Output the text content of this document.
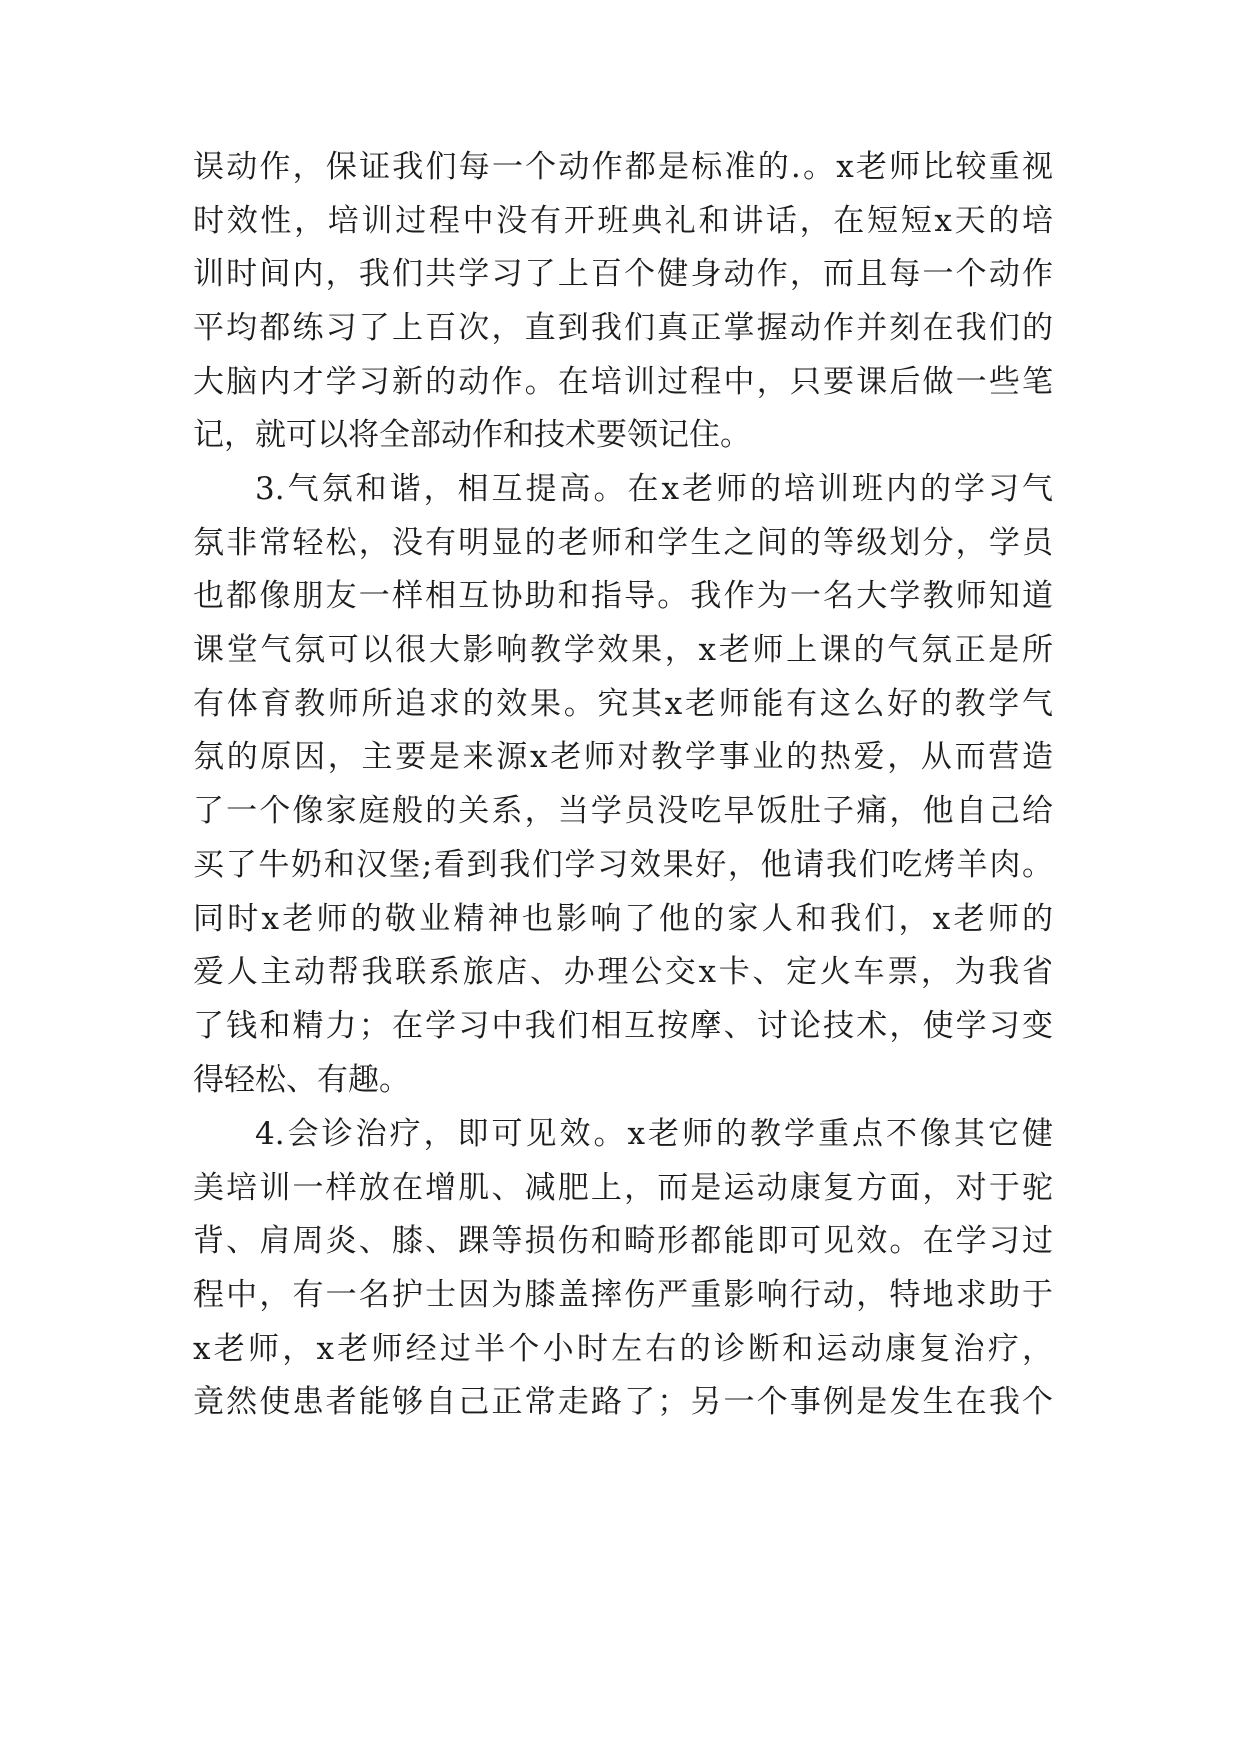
误动作，保证我们每一个动作都是标准的.。x老师比较重视
时效性，培训过程中没有开班典礼和讲话，在短短x天的培
训时间内，我们共学习了上百个健身动作，而且每一个动作
平均都练习了上百次，直到我们真正掌握动作并刻在我们的
大脑内才学习新的动作。在培训过程中，只要课后做一些笔
记，就可以将全部动作和技术要领记住。
3.气氛和谐，相互提高。在x老师的培训班内的学习气
氛非常轻松，没有明显的老师和学生之间的等级划分，学员
也都像朋友一样相互协助和指导。我作为一名大学教师知道
课堂气氛可以很大影响教学效果，x老师上课的气氛正是所
有体育教师所追求的效果。究其x老师能有这么好的教学气
氛的原因，主要是来源x老师对教学事业的热爱，从而营造
了一个像家庭般的关系，当学员没吃早饭肚子痛，他自己给
买了牛奶和汉堡;看到我们学习效果好，他请我们吃烤羊肉。
同时x老师的敬业精神也影响了他的家人和我们，x老师的
爱人主动帮我联系旅店、办理公交x卡、定火车票，为我省
了钱和精力；在学习中我们相互按摩、讨论技术，使学习变
得轻松、有趣。
4.会诊治疗，即可见效。x老师的教学重点不像其它健
美培训一样放在增肌、减肥上，而是运动康复方面，对于驼
背、肩周炎、膝、踝等损伤和畸形都能即可见效。在学习过
程中，有一名护士因为膝盖摔伤严重影响行动，特地求助于
x老师，x老师经过半个小时左右的诊断和运动康复治疗，
竟然使患者能够自己正常走路了；另一个事例是发生在我个
